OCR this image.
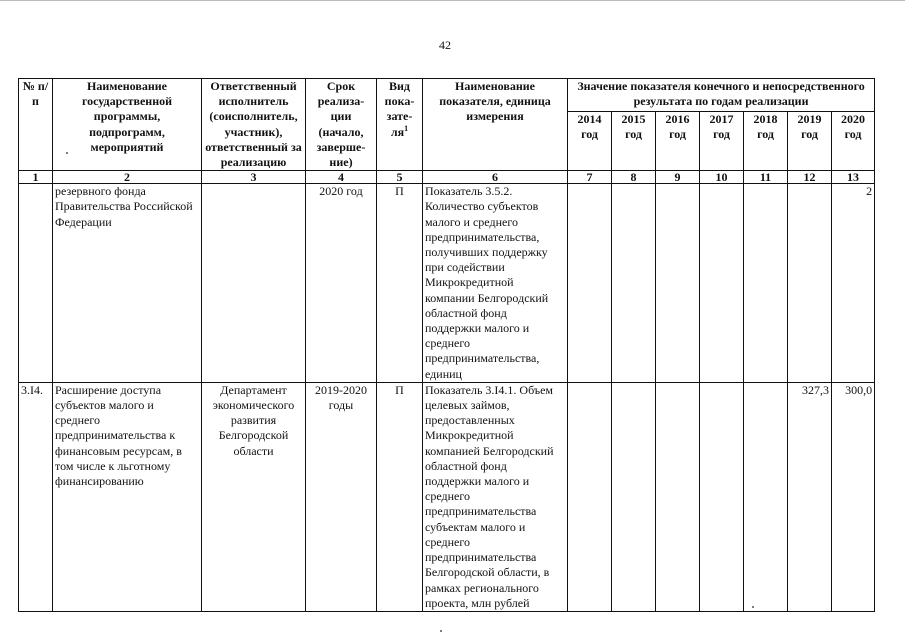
42
№ п/п	Наименование государственной программы, подпрограмм, мероприятий	Ответственный исполнитель (соисполнитель, участник), ответственный за реализацию	Срок реализа-ции (начало, заверше-ние)	Вид пока-$зате-ля^1$	Наименование показателя, единица измерения	Значение показателя конечного и непосредственного результата по годам реализации						
						2014 год	2015 год	2016 год	2017 год	2018 год	2019 год	2020 год
1	2	3	4	5	6	7	8	9	10	11	12	13
	резервного фонда Правительства Российской Федерации		2020 год	П	Показатель 3.5.2. Количество субъектов малого и среднего предпринимательства, получивших поддержку при содействии Микрокредитной компании Белгородский областной фонд поддержки малого и среднего предпринимательства, единиц							2
3.I4.	Расширение доступа субъектов малого и среднего предпринимательства к финансовым ресурсам, в том числе к льготному финансированию	Департамент экономического развития Белгородской области	2019-2020 годы	П	Показатель 3.I4.1. Объем целевых займов, предоставленных Микрокредитной компанией Белгородский областной фонд поддержки малого и среднего предпринимательства субъектам малого и среднего предпринимательства Белгородской области, в рамках регионального проекта, млн рублей						327,3	300,0
